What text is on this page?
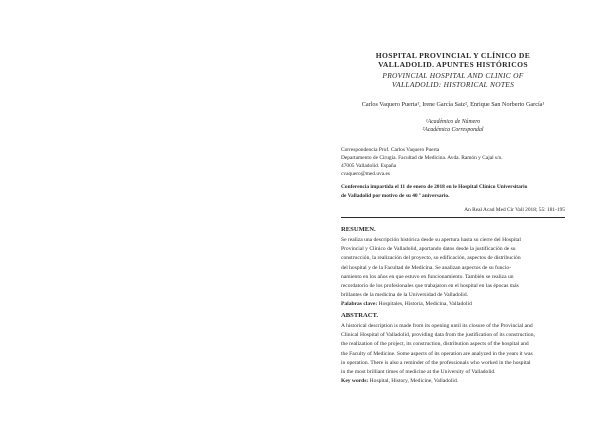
HOSPITAL PROVINCIAL Y CLÍNICO DE
VALLADOLID. APUNTES HISTÓRICOS
PROVINCIAL HOSPITAL AND CLINIC OF
VALLADOLID: HISTORICAL NOTES
Carlos Vaquero Puerta¹, Irene García Saiz², Enrique San Norberto García¹
¹Académico de Número
²Académica Correspondal
Correspondencia Prof. Carlos Vaquero Puerta
Departamento de Cirugía. Facultad de Medicina. Avda. Ramón y Cajal s/n.
47005 Valladolid. España
cvaquero@med.uva.es
Conferencia impartida el 11 de enero de 2018 en le Hospital Clínico Universitario
de Valladolid por motivo de su 40 º aniversario.
An Real Acad Med Cir Vall 2018; 55: 181-195
RESUMEN.
Se realiza una descripción histórica desde su apertura hasta su cierre del Hospital
Provincial y Clínico de Valladolid, aportando datos desde la justificación de su
construcción, la realización del proyecto, su edificación, aspectos de distribución
del hospital y de la Facultad de Medicina. Se analizan aspectos de su funcio-
namiento en los años en que estuvo en funcionamiento. También se realiza un
recordatorio de los profesionales que trabajaron en el hospital en las épocas más
brillantes de la medicina de la Universidad de Valladolid.
Palabras clave: Hospitales, Historia, Medicina, Valladolid
ABSTRACT.
A historical description is made from its opening until its closure of the Provincial and
Clinical Hospital of Valladolid, providing data from the justification of its construction,
the realization of the project, its construction, distribution aspects of the hospital and
the Faculty of Medicine. Some aspects of its operation are analyzed in the years it was
in operation. There is also a reminder of the professionals who worked in the hospital
in the most brilliant times of medicine at the University of Valladolid.
Key words: Hospital, History, Medicine, Valladolid.
